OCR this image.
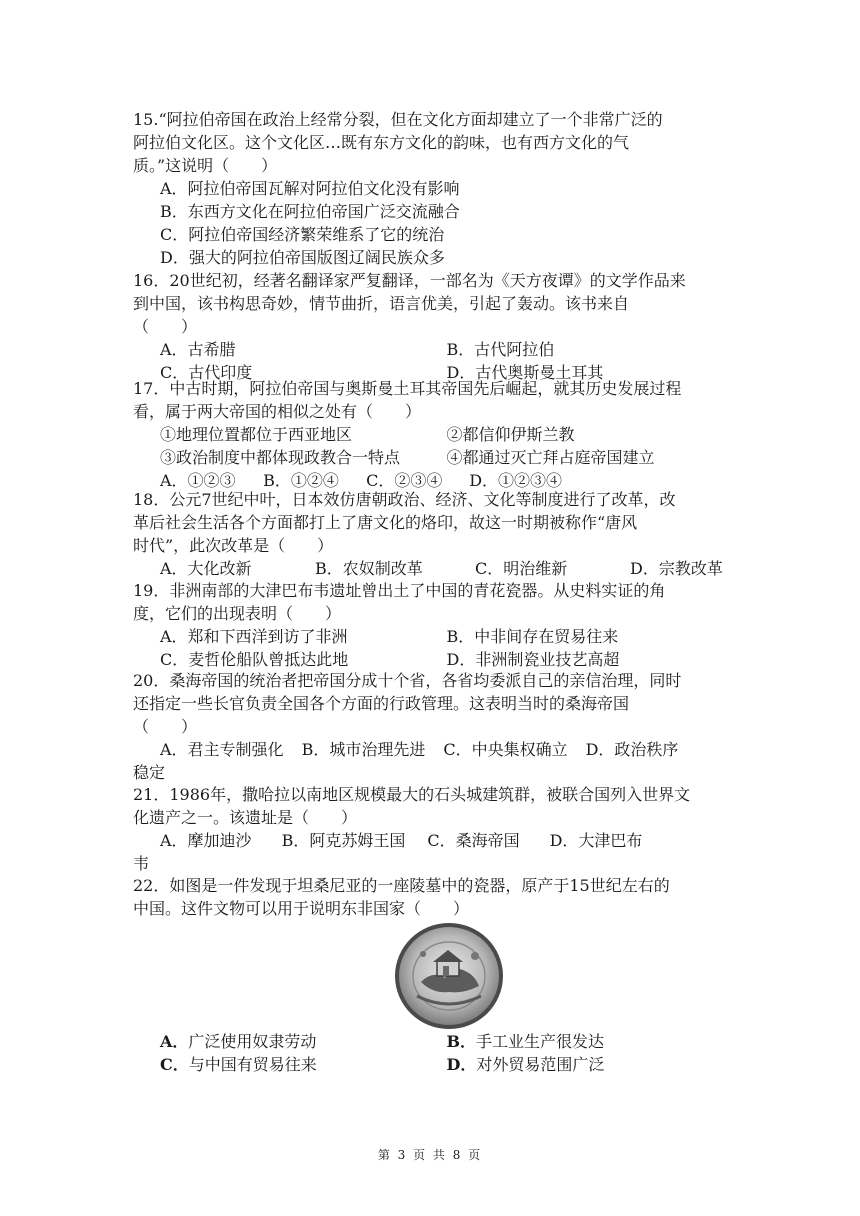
15.“阿拉伯帝国在政治上经常分裂，但在文化方面却建立了一个非常广泛的
阿拉伯文化区。这个文化区…既有东方文化的韵味，也有西方文化的气
质。”这说明（　　）
A．阿拉伯帝国瓦解对阿拉伯文化没有影响
B．东西方文化在阿拉伯帝国广泛交流融合
C．阿拉伯帝国经济繁荣维系了它的统治
D．强大的阿拉伯帝国版图辽阔民族众多
16．20世纪初，经著名翻译家严复翻译，一部名为《天方夜谭》的文学作品来
到中国，该书构思奇妙，情节曲折，语言优美，引起了轰动。该书来自
（　　）
A．古希腊	B．古代阿拉伯
C．古代印度	D．古代奥斯曼土耳其
17．中古时期，阿拉伯帝国与奥斯曼土耳其帝国先后崛起，就其历史发展过程
看，属于两大帝国的相似之处有（　　）
①地理位置都位于西亚地区	②都信仰伊斯兰教
③政治制度中都体现政教合一特点	④都通过灭亡拜占庭帝国建立
A．①②③	B．①②④	C．②③④	D．①②③④
18．公元7世纪中叶，日本效仿唐朝政治、经济、文化等制度进行了改革，改
革后社会生活各个方面都打上了唐文化的烙印，故这一时期被称作“唐风
时代”，此次改革是（　　）
A．大化改新	B．农奴制改革	C．明治维新	D．宗教改革
19．非洲南部的大津巴布韦遗址曾出土了中国的青花瓷器。从史料实证的角
度，它们的出现表明（　　）
A．郑和下西洋到访了非洲	B．中非间存在贸易往来
C．麦哲伦船队曾抵达此地	D．非洲制瓷业技艺高超
20．桑海帝国的统治者把帝国分成十个省，各省均委派自己的亲信治理，同时
还指定一些长官负责全国各个方面的行政管理。这表明当时的桑海帝国
（　　）
A．君主专制强化 B．城市治理先进 C．中央集权确立 D．政治秩序
稳定
21．1986年，撒哈拉以南地区规模最大的石头城建筑群，被联合国列入世界文
化遗产之一。该遗址是（　　）
A．摩加迪沙 B．阿克苏姆王国 C．桑海帝国 D．大津巴布
韦
22．如图是一件发现于坦桑尼亚的一座陵墓中的瓷器，原产于15世纪左右的
中国。这件文物可以用于说明东非国家（　　）
A．广泛使用奴隶劳动	B．手工业生产很发达
C．与中国有贸易往来	D．对外贸易范围广泛
第 3 页 共 8 页
